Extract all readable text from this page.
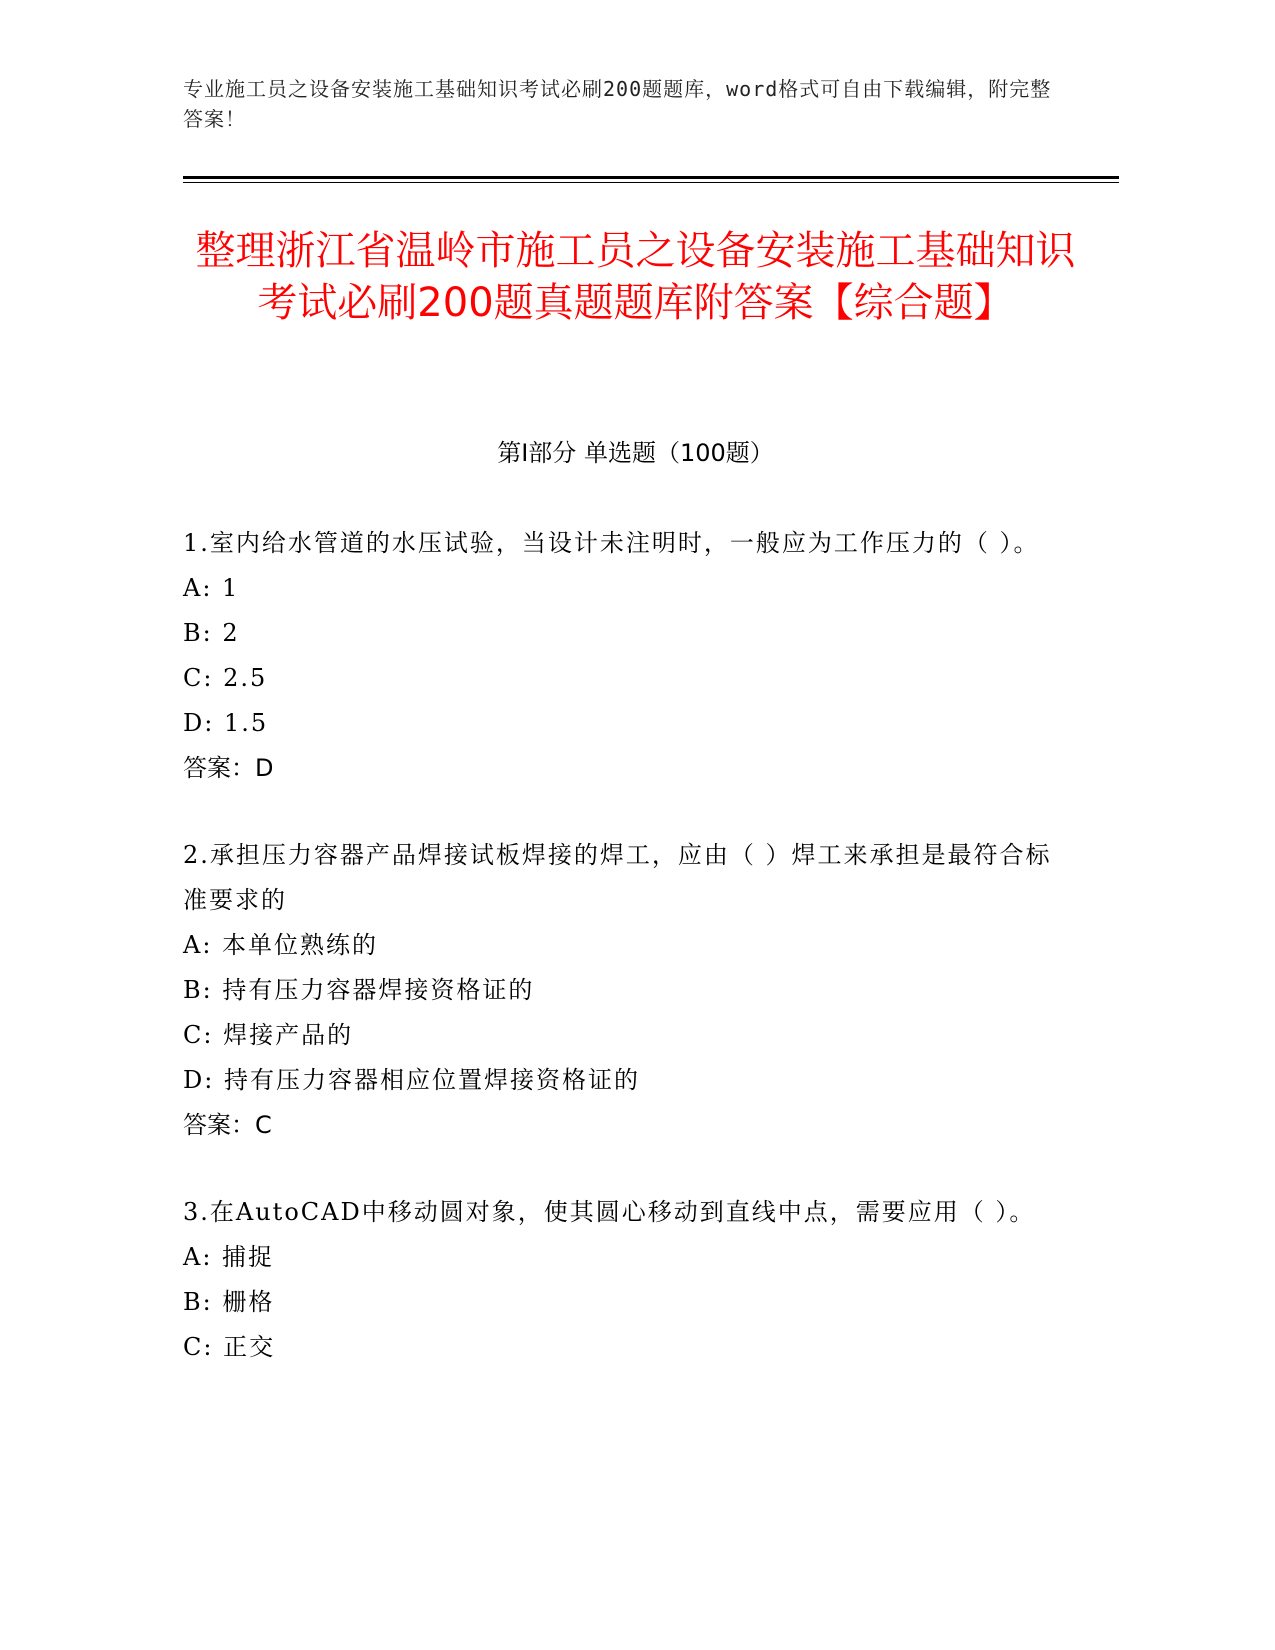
专业施工员之设备安装施工基础知识考试必刷200题题库，word格式可自由下载编辑，附完整答案！
整理浙江省温岭市施工员之设备安装施工基础知识考试必刷200题真题题库附答案【综合题】
第I部分 单选题（100题）

1.室内给水管道的水压试验，当设计未注明时，一般应为工作压力的（ ）。

A: 1

B: 2

C: 2.5

D: 1.5

答案：D

2.承担压力容器产品焊接试板焊接的焊工，应由（ ）焊工来承担是最符合标准要求的

A: 本单位熟练的

B: 持有压力容器焊接资格证的

C: 焊接产品的

D: 持有压力容器相应位置焊接资格证的

答案：C

3.在AutoCAD中移动圆对象，使其圆心移动到直线中点，需要应用（ ）。

A: 捕捉

B: 栅格

C: 正交
